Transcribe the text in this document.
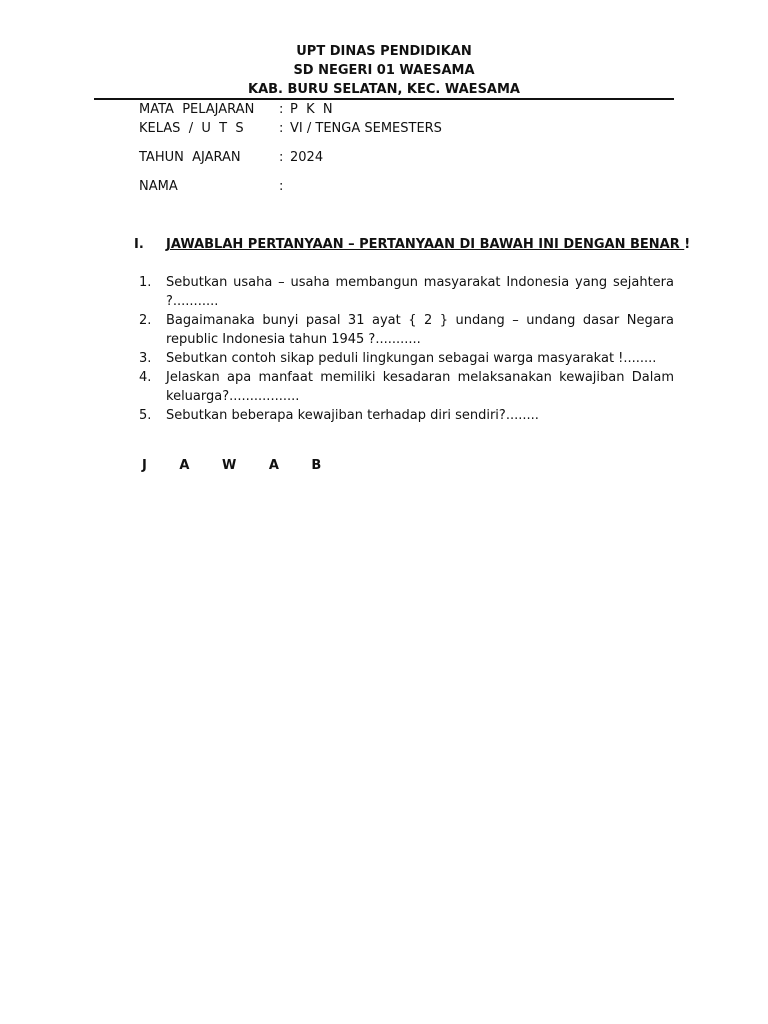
UPT DINAS PENDIDIKAN
SD NEGERI 01 WAESAMA
KAB. BURU SELATAN, KEC. WAESAMA
MATA  PELAJARAN : P  K  N
KELAS  /  U  T  S	: VI / TENGA SEMESTERS
TAHUN  AJARAN	: 2024
NAMA	:
I. JAWABLAH PERTANYAAN – PERTANYAAN DI BAWAH INI DENGAN BENAR !
1. Sebutkan usaha – usaha membangun masyarakat Indonesia yang sejahtera ?...........
2. Bagaimanaka bunyi pasal 31 ayat { 2 } undang – undang dasar Negara republic Indonesia tahun 1945 ?...........
3. Sebutkan contoh sikap peduli lingkungan sebagai warga masyarakat !........
4. Jelaskan apa manfaat memiliki kesadaran melaksanakan kewajiban Dalam keluarga?.................
5. Sebutkan beberapa kewajiban terhadap diri sendiri?........
J A W A B
